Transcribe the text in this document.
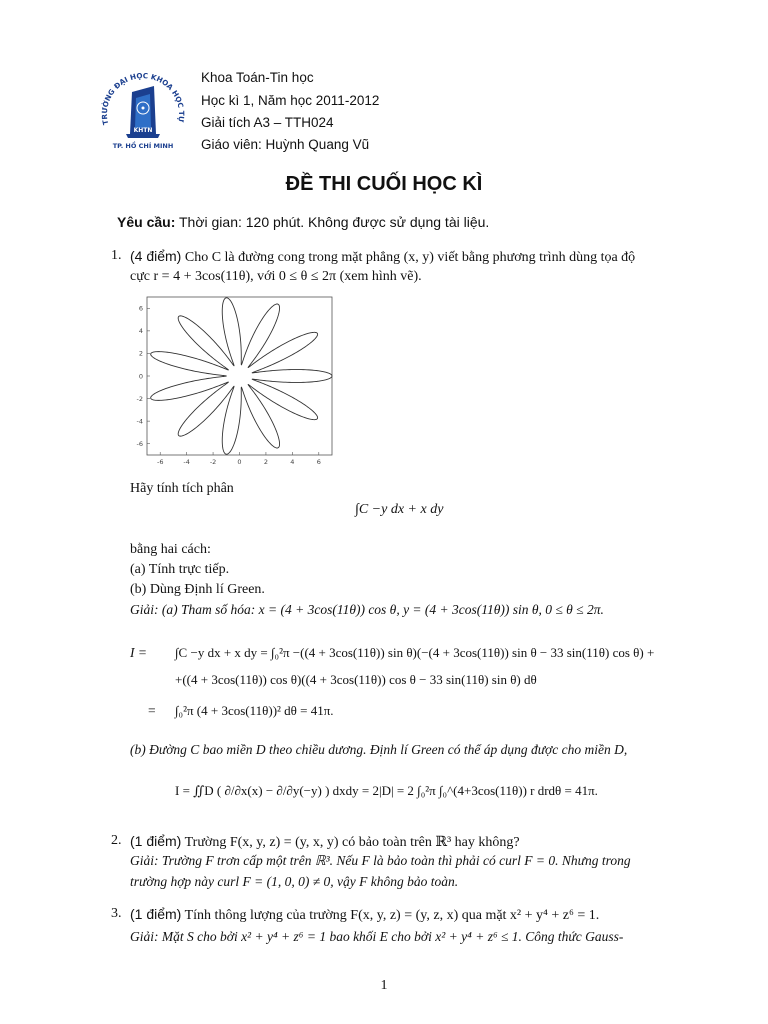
TRƯỜNG ĐẠI HỌC KHOA HỌC TỰ
KHTN
TP. HỒ CHÍ MINH
Khoa Toán-Tin học
Học kì 1, Năm học 2011-2012
Giải tích A3 – TTH024
Giáo viên: Huỳnh Quang Vũ
ĐỀ THI CUỐI HỌC KÌ
Yêu cầu: Thời gian: 120 phút. Không được sử dụng tài liệu.
1. (4 điểm) Cho C là đường cong trong mặt phẳng (x, y) viết bằng phương trình dùng tọa độ
cực r = 4 + 3cos(11θ), với 0 ≤ θ ≤ 2π (xem hình vẽ).
-6	-4	-2	0	2	4	6
6
4
2
0
-2
-4
-6
Hãy tính tích phân
∫C −y dx + x dy
bằng hai cách:
(a) Tính trực tiếp.
(b) Dùng Định lí Green.
Giải: (a) Tham số hóa: x = (4 + 3cos(11θ)) cos θ, y = (4 + 3cos(11θ)) sin θ, 0 ≤ θ ≤ 2π.
I = ∫C −y dx + x dy = ∫₀²π −((4 + 3cos(11θ)) sin θ)(−(4 + 3cos(11θ)) sin θ − 33 sin(11θ) cos θ) +
+((4 + 3cos(11θ)) cos θ)((4 + 3cos(11θ)) cos θ − 33 sin(11θ) sin θ) dθ
= ∫₀²π (4 + 3cos(11θ))² dθ = 41π.
(b) Đường C bao miền D theo chiều dương. Định lí Green có thể áp dụng được cho miền D,
I = ∬D ( ∂/∂x(x) − ∂/∂y(−y) ) dxdy = 2|D| = 2 ∫₀²π ∫₀^(4+3cos(11θ)) r drdθ = 41π.
2. (1 điểm) Trường F(x, y, z) = (y, x, y) có bảo toàn trên ℝ³ hay không?
Giải: Trường F trơn cấp một trên ℝ³. Nếu F là bảo toàn thì phải có curl F = 0. Nhưng trong
trường hợp này curl F = (1, 0, 0) ≠ 0, vậy F không bảo toàn.
3. (1 điểm) Tính thông lượng của trường F(x, y, z) = (y, z, x) qua mặt x² + y⁴ + z⁶ = 1.
Giải: Mặt S cho bởi x² + y⁴ + z⁶ = 1 bao khối E cho bởi x² + y⁴ + z⁶ ≤ 1. Công thức Gauss-
1
